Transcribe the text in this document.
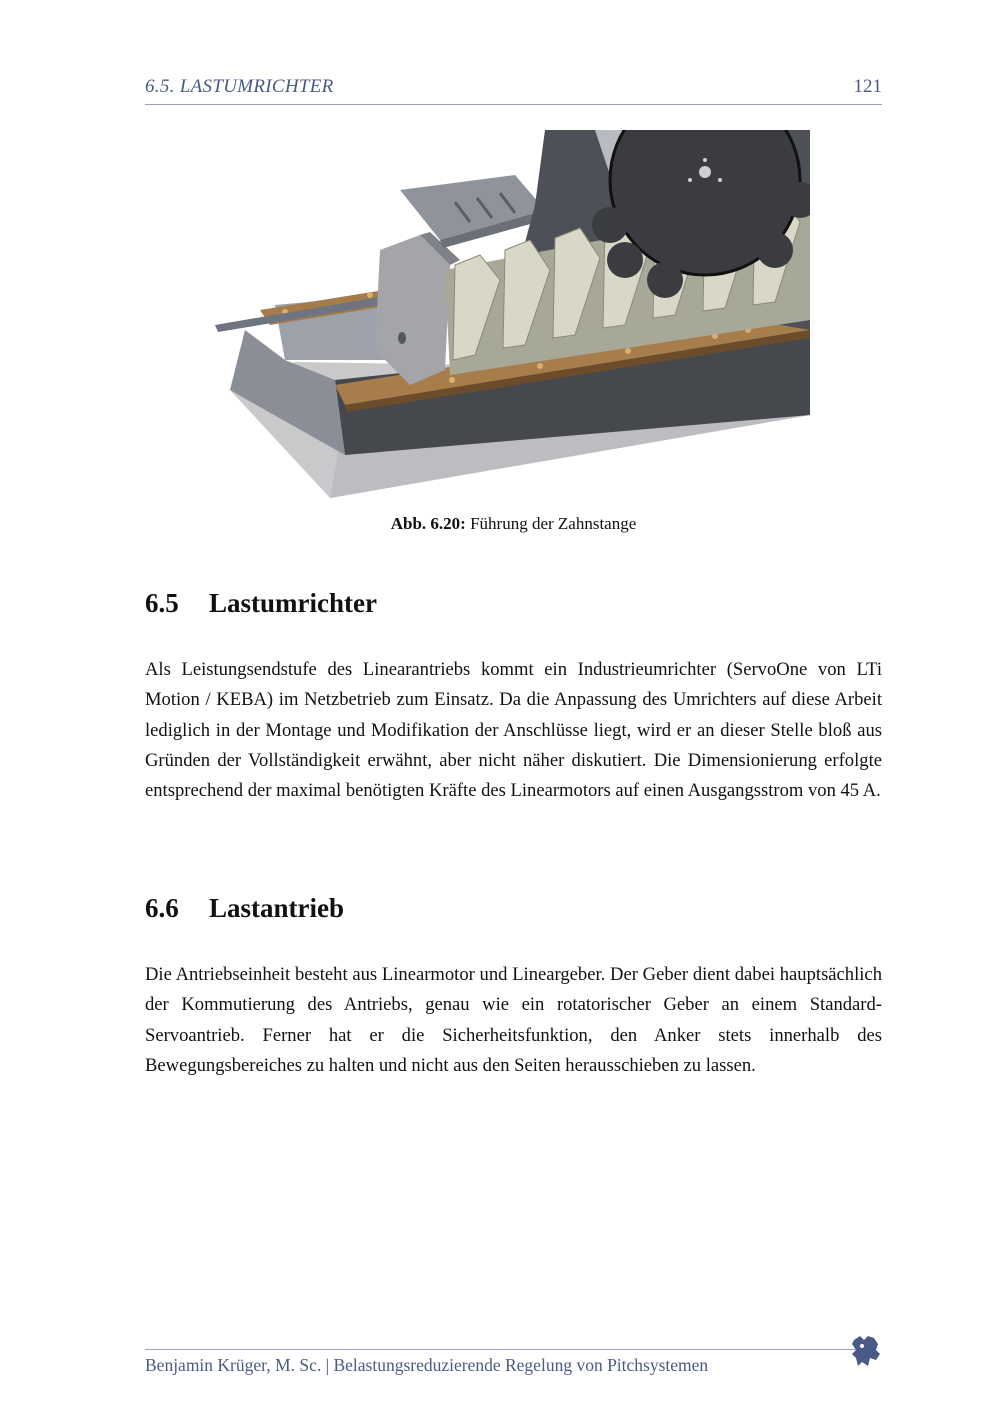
6.5. LASTUMRICHTER	121
Abb. 6.20: Führung der Zahnstange
6.5 Lastumrichter

Als Leistungsendstufe des Linearantriebs kommt ein Industrieumrichter (ServoOne von LTi Motion / KEBA) im Netzbetrieb zum Einsatz. Da die Anpassung des Umrichters auf diese Arbeit lediglich in der Montage und Modifikation der Anschlüsse liegt, wird er an dieser Stelle bloß aus Gründen der Vollständigkeit erwähnt, aber nicht näher diskutiert. Die Dimensionierung erfolgte entsprechend der maximal benötigten Kräfte des Linearmotors auf einen Ausgangsstrom von 45 A.

6.6 Lastantrieb

Die Antriebseinheit besteht aus Linearmotor und Lineargeber. Der Geber dient dabei hauptsächlich der Kommutierung des Antriebs, genau wie ein rotatorischer Geber an einem Standard-Servoantrieb. Ferner hat er die Sicherheitsfunktion, den Anker stets innerhalb des Bewegungsbereiches zu halten und nicht aus den Seiten herausschieben zu lassen.

Benjamin Krüger, M. Sc. | Belastungsreduzierende Regelung von Pitchsystemen
